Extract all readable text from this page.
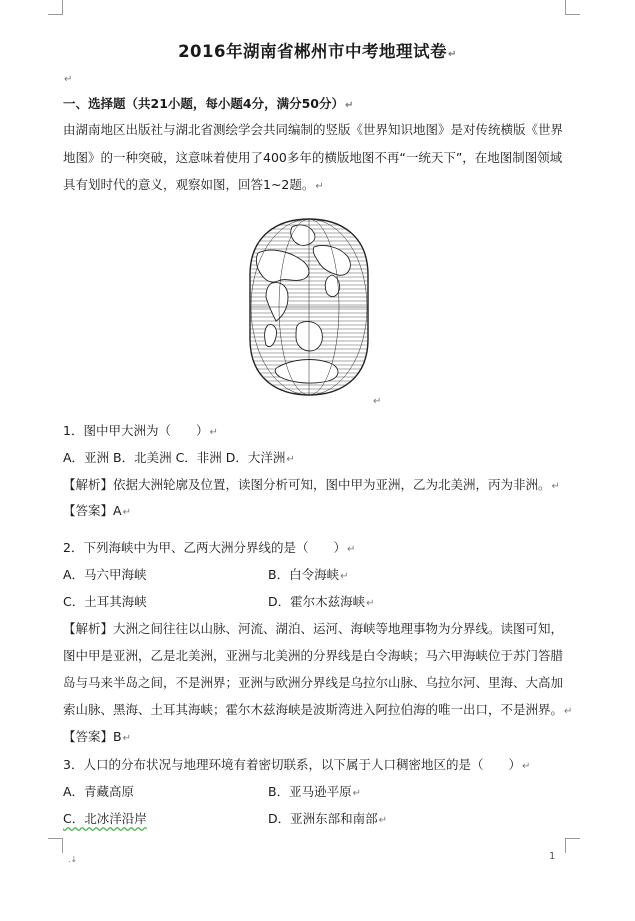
2016年湖南省郴州市中考地理试卷↵
↵
一、选择题（共21小题，每小题4分，满分50分）↵
由湖南地区出版社与湖北省测绘学会共同编制的竖版《世界知识地图》是对传统横版《世界
地图》的一种突破，这意味着使用了400多年的横版地图不再“一统天下”，在地图制图领域
具有划时代的意义，观察如图，回答1~2题。↵
↵
1．图中甲大洲为（　　）↵
A．亚洲 B．北美洲 C．非洲 D．大洋洲↵
【解析】依据大洲轮廓及位置，读图分析可知，图中甲为亚洲，乙为北美洲，丙为非洲。↵
【答案】A↵
2．下列海峡中为甲、乙两大洲分界线的是（　　）↵
A．马六甲海峡	B．白令海峡↵
C．土耳其海峡	D．霍尔木兹海峡↵
【解析】大洲之间往往以山脉、河流、湖泊、运河、海峡等地理事物为分界线。读图可知，
图中甲是亚洲，乙是北美洲，亚洲与北美洲的分界线是白令海峡；马六甲海峡位于苏门答腊
岛与马来半岛之间，不是洲界；亚洲与欧洲分界线是乌拉尔山脉、乌拉尔河、里海、大高加
索山脉、黑海、土耳其海峡；霍尔木兹海峡是波斯湾进入阿拉伯海的唯一出口，不是洲界。↵
【答案】B↵
3．人口的分布状况与地理环境有着密切联系，以下属于人口稠密地区的是（　　）↵
A．青藏高原	B．亚马逊平原↵
C．北冰洋沿岸	D．亚洲东部和南部↵
.↓	1
